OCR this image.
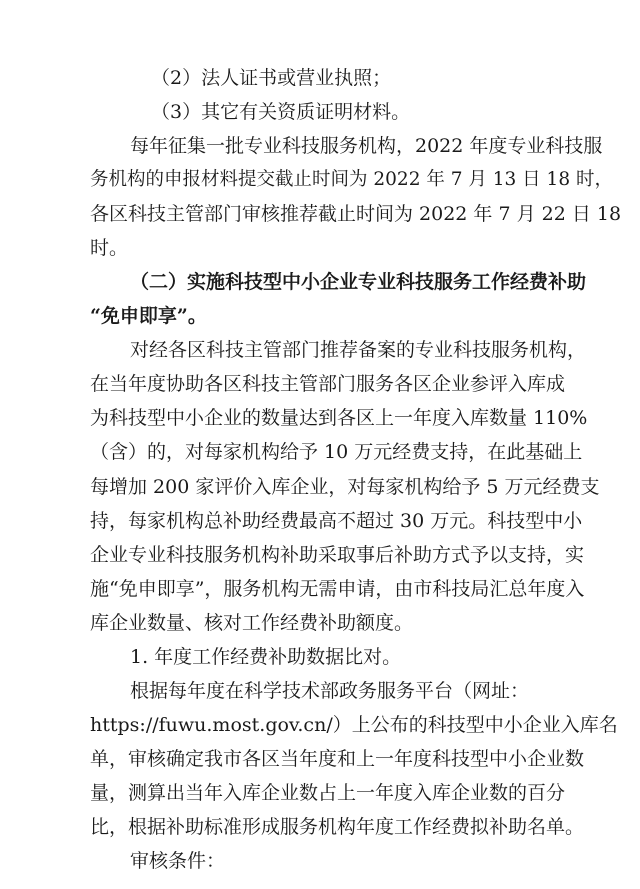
（2）法人证书或营业执照；
（3）其它有关资质证明材料。
每年征集一批专业科技服务机构，2022 年度专业科技服
务机构的申报材料提交截止时间为 2022 年 7 月 13 日 18 时，
各区科技主管部门审核推荐截止时间为 2022 年 7 月 22 日 18
时。
（二）实施科技型中小企业专业科技服务工作经费补助
“免申即享”。
对经各区科技主管部门推荐备案的专业科技服务机构，
在当年度协助各区科技主管部门服务各区企业参评入库成
为科技型中小企业的数量达到各区上一年度入库数量 110%
（含）的，对每家机构给予 10 万元经费支持，在此基础上
每增加 200 家评价入库企业，对每家机构给予 5 万元经费支
持，每家机构总补助经费最高不超过 30 万元。科技型中小
企业专业科技服务机构补助采取事后补助方式予以支持，实
施“免申即享”，服务机构无需申请，由市科技局汇总年度入
库企业数量、核对工作经费补助额度。
1. 年度工作经费补助数据比对。
根据每年度在科学技术部政务服务平台（网址：
https://fuwu.most.gov.cn/）上公布的科技型中小企业入库名
单，审核确定我市各区当年度和上一年度科技型中小企业数
量，测算出当年入库企业数占上一年度入库企业数的百分
比，根据补助标准形成服务机构年度工作经费拟补助名单。
审核条件：
